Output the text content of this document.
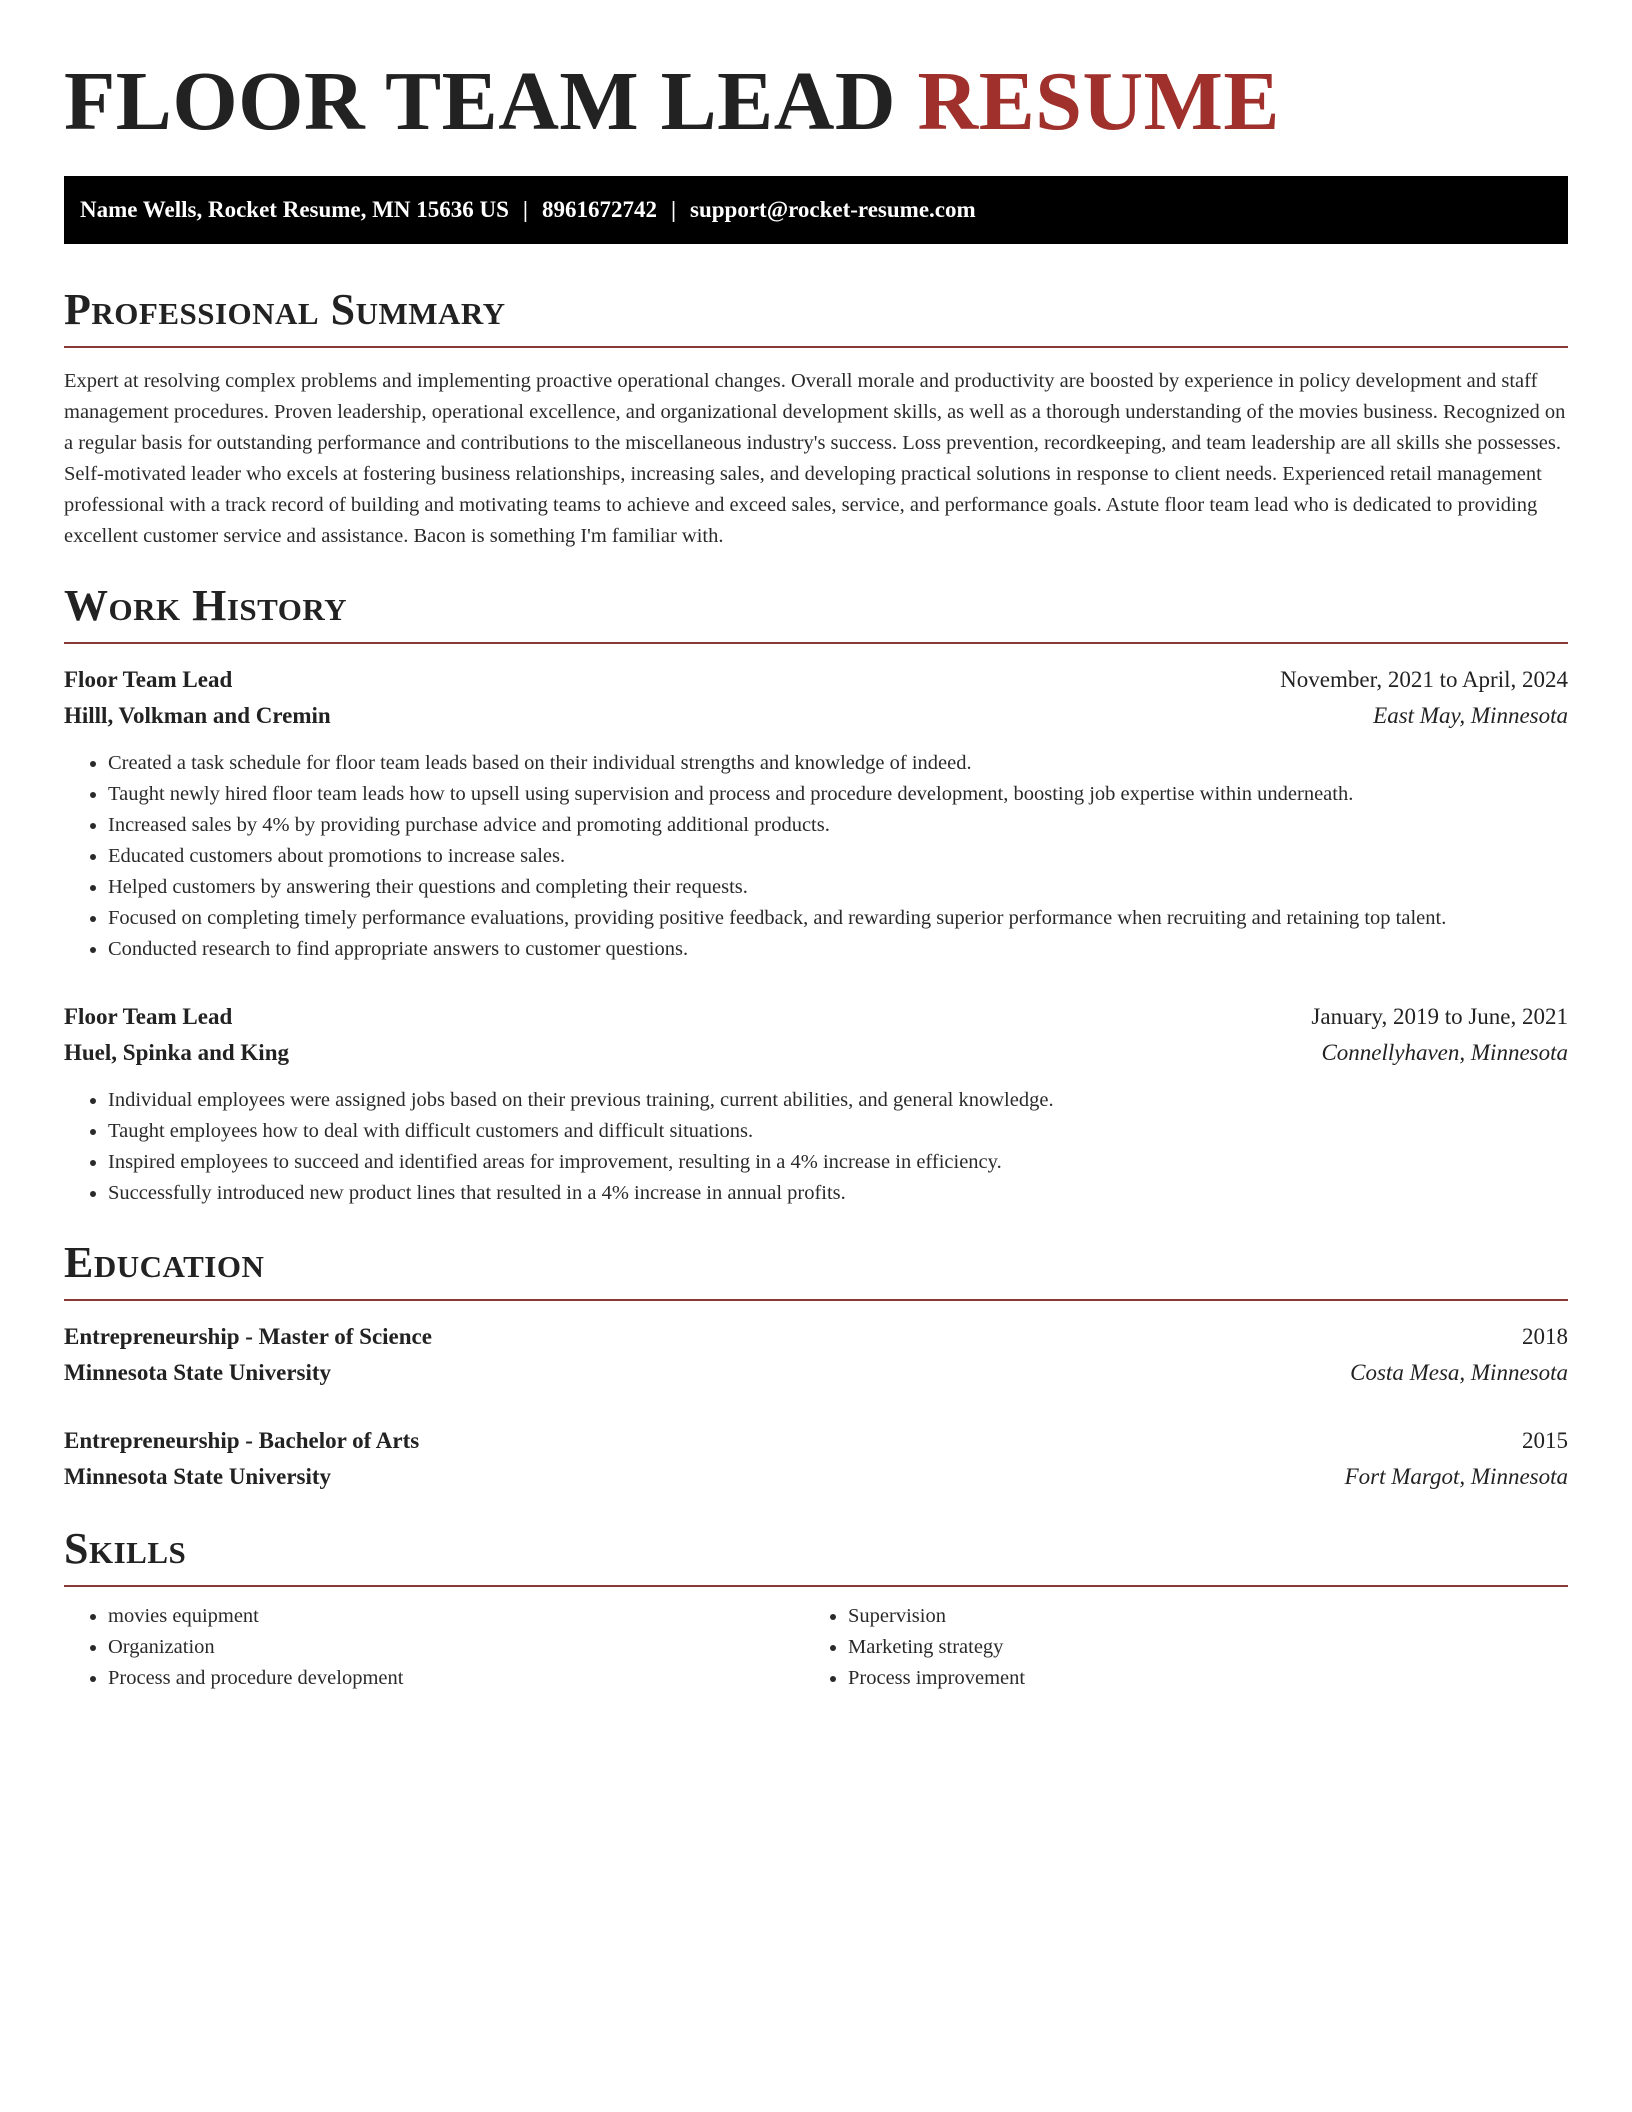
FLOOR TEAM LEAD RESUME
Name Wells, Rocket Resume, MN 15636 US | 8961672742 | support@rocket-resume.com
Professional Summary

Expert at resolving complex problems and implementing proactive operational changes. Overall morale and productivity are boosted by experience in policy development and staff management procedures. Proven leadership, operational excellence, and organizational development skills, as well as a thorough understanding of the movies business. Recognized on a regular basis for outstanding performance and contributions to the miscellaneous industry's success. Loss prevention, recordkeeping, and team leadership are all skills she possesses. Self-motivated leader who excels at fostering business relationships, increasing sales, and developing practical solutions in response to client needs. Experienced retail management professional with a track record of building and motivating teams to achieve and exceed sales, service, and performance goals. Astute floor team lead who is dedicated to providing excellent customer service and assistance. Bacon is something I'm familiar with.

Work History
Floor Team Lead	November, 2021 to April, 2024
Hilll, Volkman and Cremin	East May, Minnesota
• Created a task schedule for floor team leads based on their individual strengths and knowledge of indeed.
• Taught newly hired floor team leads how to upsell using supervision and process and procedure development, boosting job expertise within underneath.
• Increased sales by 4% by providing purchase advice and promoting additional products.
• Educated customers about promotions to increase sales.
• Helped customers by answering their questions and completing their requests.
• Focused on completing timely performance evaluations, providing positive feedback, and rewarding superior performance when recruiting and retaining top talent.
• Conducted research to find appropriate answers to customer questions.
Floor Team Lead	January, 2019 to June, 2021
Huel, Spinka and King	Connellyhaven, Minnesota
• Individual employees were assigned jobs based on their previous training, current abilities, and general knowledge.
• Taught employees how to deal with difficult customers and difficult situations.
• Inspired employees to succeed and identified areas for improvement, resulting in a 4% increase in efficiency.
• Successfully introduced new product lines that resulted in a 4% increase in annual profits.
Education
Entrepreneurship - Master of Science	2018
Minnesota State University	Costa Mesa, Minnesota
Entrepreneurship - Bachelor of Arts	2015
Minnesota State University	Fort Margot, Minnesota
Skills
• movies equipment
• Organization
• Process and procedure development
• Supervision
• Marketing strategy
• Process improvement
